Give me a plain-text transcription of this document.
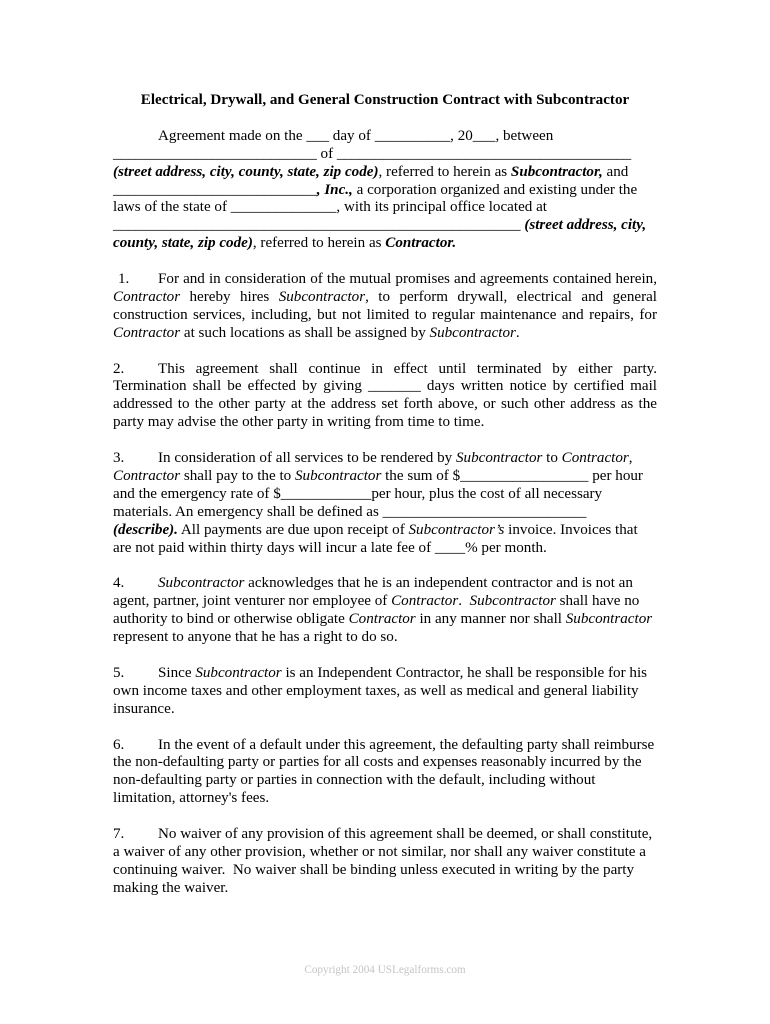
Electrical, Drywall, and General Construction Contract with Subcontractor
Agreement made on the ___ day of __________, 20___, between
___________________________ of _______________________________________
(street address, city, county, state, zip code), referred to herein as Subcontractor, and
___________________________, Inc., a corporation organized and existing under the
laws of the state of ______________, with its principal office located at
______________________________________________________ (street address, city,
county, state, zip code), referred to herein as Contractor.
1. For and in consideration of the mutual promises and agreements contained herein,
Contractor hereby hires Subcontractor, to perform drywall, electrical and general
construction services, including, but not limited to regular maintenance and repairs, for
Contractor at such locations as shall be assigned by Subcontractor.
2. This agreement shall continue in effect until terminated by either party.
Termination shall be effected by giving _______ days written notice by certified mail
addressed to the other party at the address set forth above, or such other address as the
party may advise the other party in writing from time to time.
3. In consideration of all services to be rendered by Subcontractor to Contractor,
Contractor shall pay to the to Subcontractor the sum of $_________________ per hour
and the emergency rate of $____________per hour, plus the cost of all necessary
materials. An emergency shall be defined as ___________________________
(describe). All payments are due upon receipt of Subcontractor’s invoice. Invoices that
are not paid within thirty days will incur a late fee of ____% per month.
4. Subcontractor acknowledges that he is an independent contractor and is not an
agent, partner, joint venturer nor employee of Contractor.  Subcontractor shall have no
authority to bind or otherwise obligate Contractor in any manner nor shall Subcontractor
represent to anyone that he has a right to do so.
5. Since Subcontractor is an Independent Contractor, he shall be responsible for his
own income taxes and other employment taxes, as well as medical and general liability
insurance.
6. In the event of a default under this agreement, the defaulting party shall reimburse
the non-defaulting party or parties for all costs and expenses reasonably incurred by the
non-defaulting party or parties in connection with the default, including without
limitation, attorney's fees.
7. No waiver of any provision of this agreement shall be deemed, or shall constitute,
a waiver of any other provision, whether or not similar, nor shall any waiver constitute a
continuing waiver.  No waiver shall be binding unless executed in writing by the party
making the waiver.
Copyright 2004 USLegalforms.com
